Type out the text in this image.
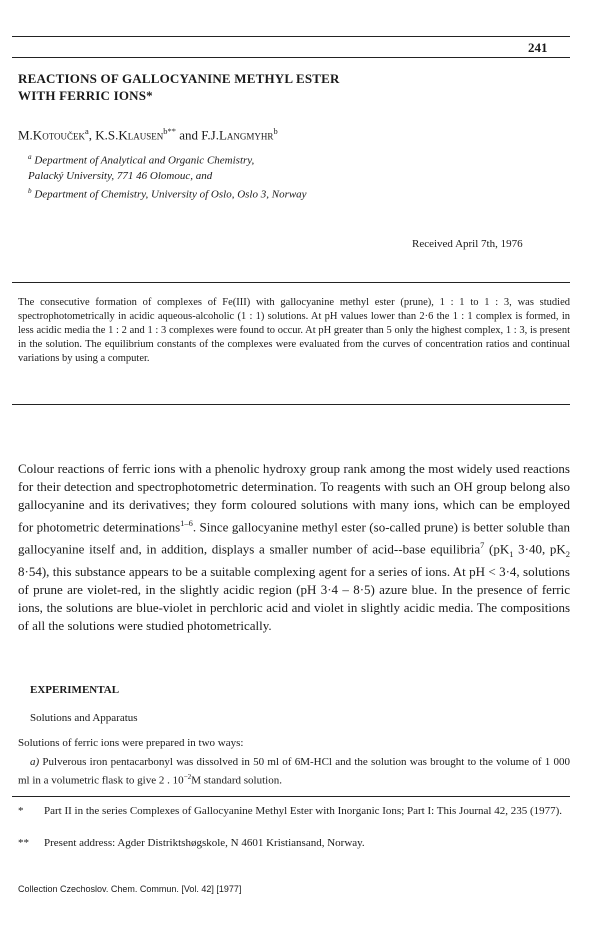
241
REACTIONS OF GALLOCYANINE METHYL ESTER
WITH FERRIC IONS*
M.Kotouček$^a$, K.S.Klausen$^{b**}$ and F.J.Langmyhr$^b$
$^a$ Department of Analytical and Organic Chemistry,
Palacký University, 771 46 Olomouc, and
$^b$ Department of Chemistry, University of Oslo, Oslo 3, Norway
Received April 7th, 1976

The consecutive formation of complexes of Fe(III) with gallocyanine methyl ester (prune), 1 : 1 to 1 : 3, was studied spectrophotometrically in acidic aqueous-alcoholic (1 : 1) solutions. At pH values lower than 2·6 the 1 : 1 complex is formed, in less acidic media the 1 : 2 and 1 : 3 complexes were found to occur. At pH greater than 5 only the highest complex, 1 : 3, is present in the solution. The equilibrium constants of the complexes were evaluated from the curves of concentration ratios and continual variations by using a computer.

Colour reactions of ferric ions with a phenolic hydroxy group rank among the most widely used reactions for their detection and spectrophotometric determination. To reagents with such an OH group belong also gallocyanine and its derivatives; they form coloured solutions with many ions, which can be employed for photometric determinations$^{1-6}$. Since gallocyanine methyl ester (so-called prune) is better soluble than gallocyanine itself and, in addition, displays a smaller number of acid--base equilibria$^7$ ($pK_1$ 3·40, $pK_2$ 8·54), this substance appears to be a suitable complexing agent for a series of ions. At pH < 3·4, solutions of prune are violet-red, in the slightly acidic region (pH 3·4 – 8·5) azure blue. In the presence of ferric ions, the solutions are blue-violet in perchloric acid and violet in slightly acidic media. The compositions of all the solutions were studied photometrically.

EXPERIMENTAL
Solutions and Apparatus

Solutions of ferric ions were prepared in two ways:

a) Pulverous iron pentacarbonyl was dissolved in 50 ml of 6M-HCl and the solution was brought to the volume of 1 000 ml in a volumetric flask to give 2 . $10^{-2}M$ standard solution.

* Part II in the series Complexes of Gallocyanine Methyl Ester with Inorganic Ions; Part I: This Journal 42, 235 (1977).
** Present address: Agder Distriktshøgskole, N 4601 Kristiansand, Norway.
Collection Czechoslov. Chem. Commun. [Vol. 42] [1977]
